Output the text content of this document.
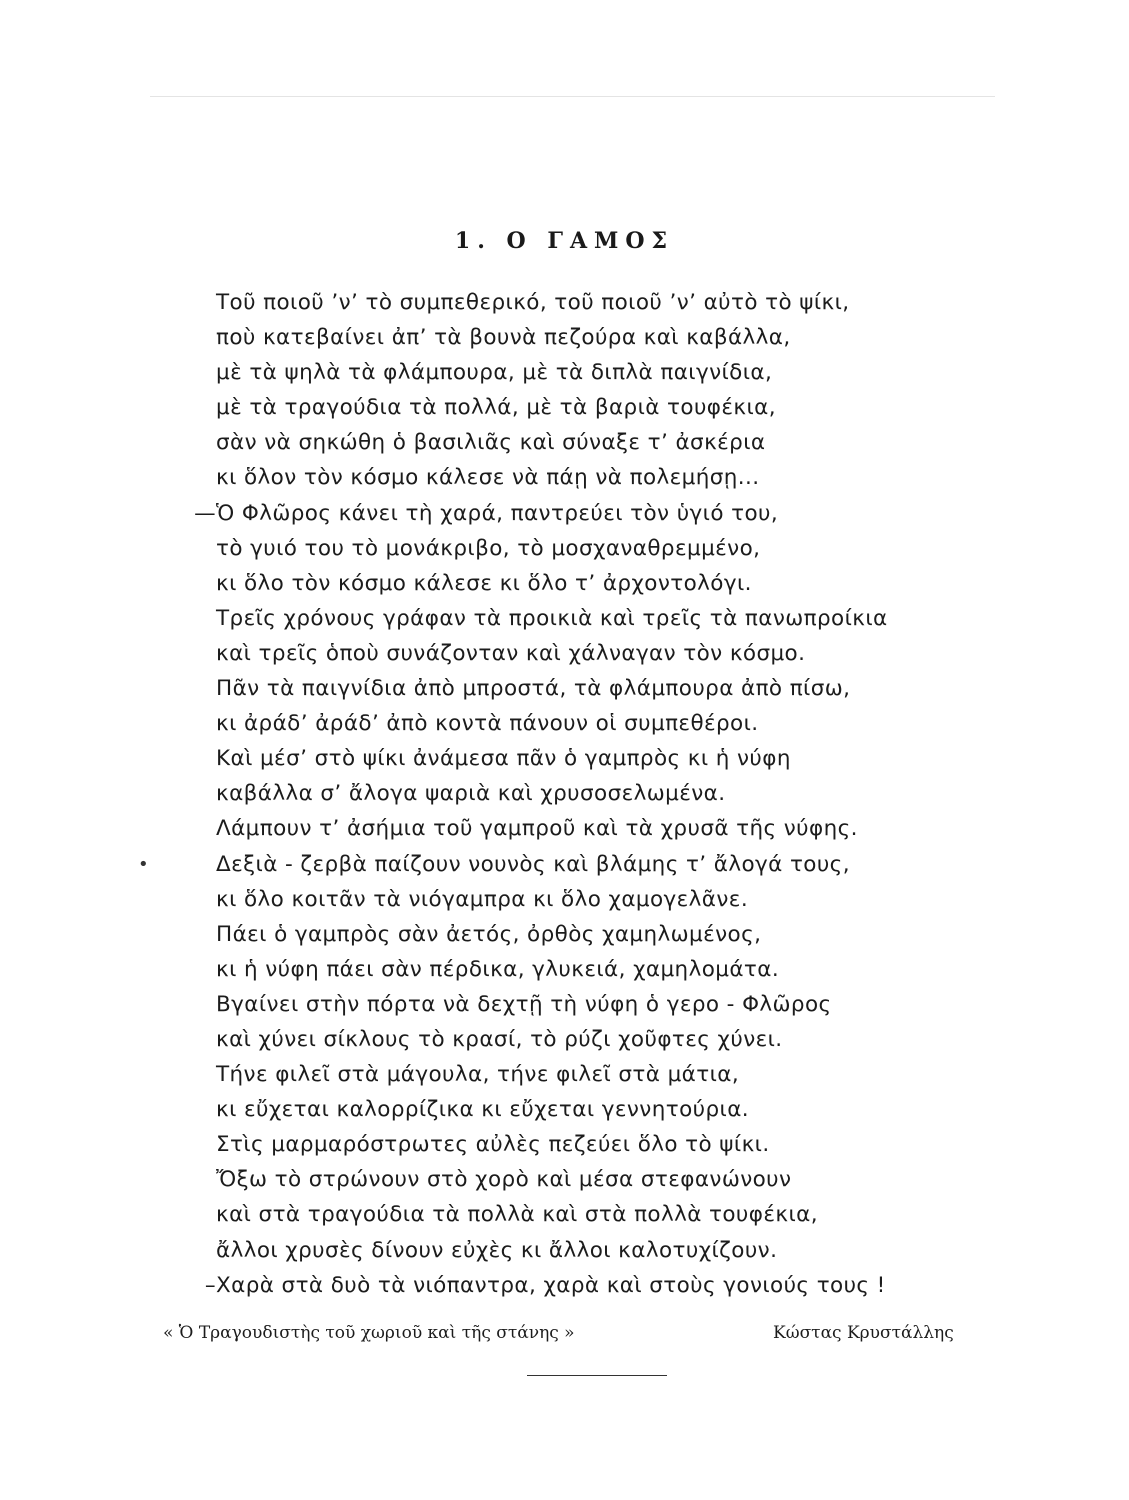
1. Ο ΓΑΜΟΣ
Τοῦ ποιοῦ ’ν’ τὸ συμπεθερικό, τοῦ ποιοῦ ’ν’ αὐτὸ τὸ ψίκι,
ποὺ κατεβαίνει ἀπ’ τὰ βουνὰ πεζούρα καὶ καβάλλα,
μὲ τὰ ψηλὰ τὰ φλάμπουρα, μὲ τὰ διπλὰ παιγνίδια,
μὲ τὰ τραγούδια τὰ πολλά, μὲ τὰ βαριὰ τουφέκια,
σὰν νὰ σηκώθη ὁ βασιλιᾶς καὶ σύναξε τ’ ἀσκέρια
κι ὅλον τὸν κόσμο κάλεσε νὰ πάῃ νὰ πολεμήσῃ...
— Ὁ Φλῶρος κάνει τὴ χαρά, παντρεύει τὸν ὑγιό του,
τὸ γυιό του τὸ μονάκριβο, τὸ μοσχαναθρεμμένο,
κι ὅλο τὸν κόσμο κάλεσε κι ὅλο τ’ ἀρχοντολόγι.
Τρεῖς χρόνους γράφαν τὰ προικιὰ καὶ τρεῖς τὰ πανωπροίκια
καὶ τρεῖς ὁποὺ συνάζονταν καὶ χάλναγαν τὸν κόσμο.
Πᾶν τὰ παιγνίδια ἀπὸ μπροστά, τὰ φλάμπουρα ἀπὸ πίσω,
κι ἀράδ’ ἀράδ’ ἀπὸ κοντὰ πάνουν οἱ συμπεθέροι.
Καὶ μέσ’ στὸ ψίκι ἀνάμεσα πᾶν ὁ γαμπρὸς κι ἡ νύφη
καβάλλα σ’ ἄλογα ψαριὰ καὶ χρυσοσελωμένα.
Λάμπουν τ’ ἀσήμια τοῦ γαμπροῦ καὶ τὰ χρυσᾶ τῆς νύφης.
•	Δεξιὰ - ζερβὰ παίζουν νουνὸς καὶ βλάμης τ’ ἄλογά τους,
κι ὅλο κοιτᾶν τὰ νιόγαμπρα κι ὅλο χαμογελᾶνε.
Πάει ὁ γαμπρὸς σὰν ἀετός, ὀρθὸς χαμηλωμένος,
κι ἡ νύφη πάει σὰν πέρδικα, γλυκειά, χαμηλομάτα.
Βγαίνει στὴν πόρτα νὰ δεχτῇ τὴ νύφη ὁ γερο - Φλῶρος
καὶ χύνει σίκλους τὸ κρασί, τὸ ρύζι χοῦφτες χύνει.
Τήνε φιλεῖ στὰ μάγουλα, τήνε φιλεῖ στὰ μάτια,
κι εὔχεται καλορρίζικα κι εὔχεται γεννητούρια.
Στὶς μαρμαρόστρωτες αὐλὲς πεζεύει ὅλο τὸ ψίκι.
Ὄξω τὸ στρώνουν στὸ χορὸ καὶ μέσα στεφανώνουν
καὶ στὰ τραγούδια τὰ πολλὰ καὶ στὰ πολλὰ τουφέκια,
ἄλλοι χρυσὲς δίνουν εὐχὲς κι ἄλλοι καλοτυχίζουν.
– Χαρὰ στὰ δυὸ τὰ νιόπαντρα, χαρὰ καὶ στοὺς γονιούς τους !
« Ὁ Τραγουδιστὴς τοῦ χωριοῦ καὶ τῆς στάνης »	Κώστας Κρυστάλλης
